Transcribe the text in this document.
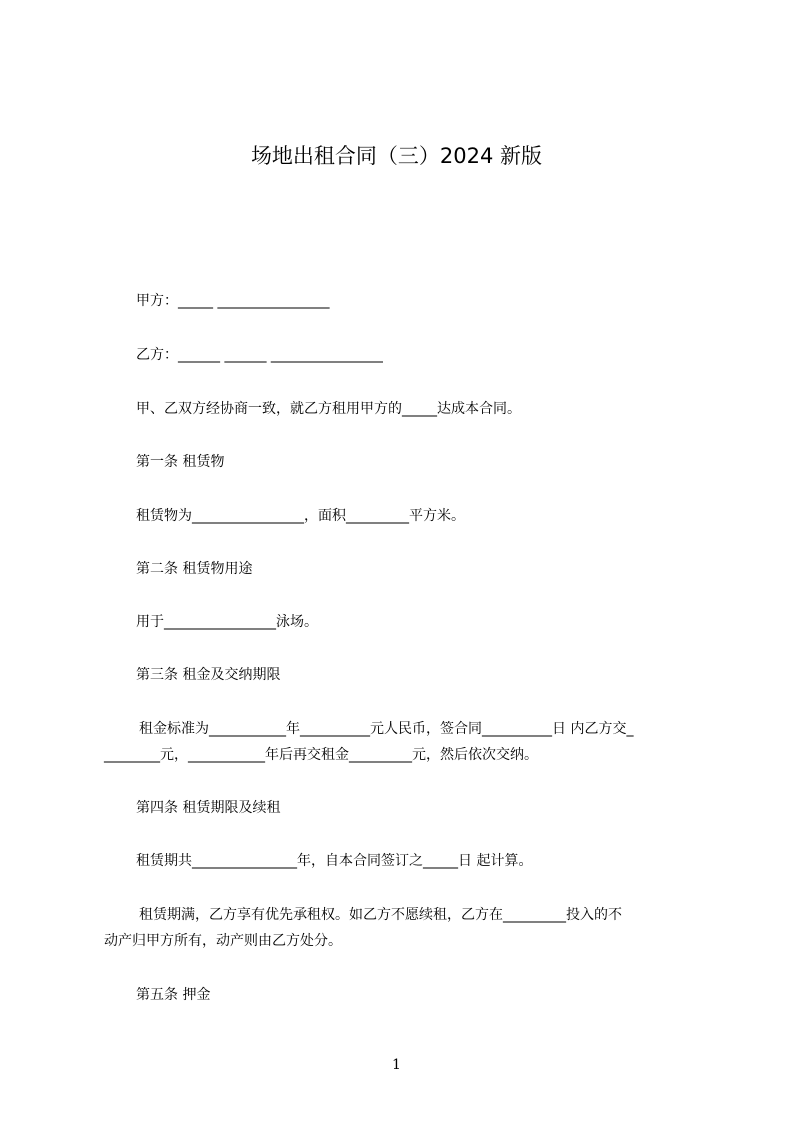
场地出租合同（三）2024 新版
甲方：_____ ________________
乙方：______ ______ ________________
甲、乙双方经协商一致，就乙方租用甲方的_____达成本合同。
第一条 租赁物
租赁物为________________，面积_________平方米。
第二条 租赁物用途
用于________________泳场。
第三条 租金及交纳期限
租金标准为___________年__________元人民币，签合同__________日 内乙方交_
________元，___________年后再交租金_________元，然后依次交纳。
第四条 租赁期限及续租
租赁期共_______________年，自本合同签订之_____日 起计算。
租赁期满，乙方享有优先承租权。如乙方不愿续租，乙方在_________投入的不
动产归甲方所有，动产则由乙方处分。
第五条 押金
1
